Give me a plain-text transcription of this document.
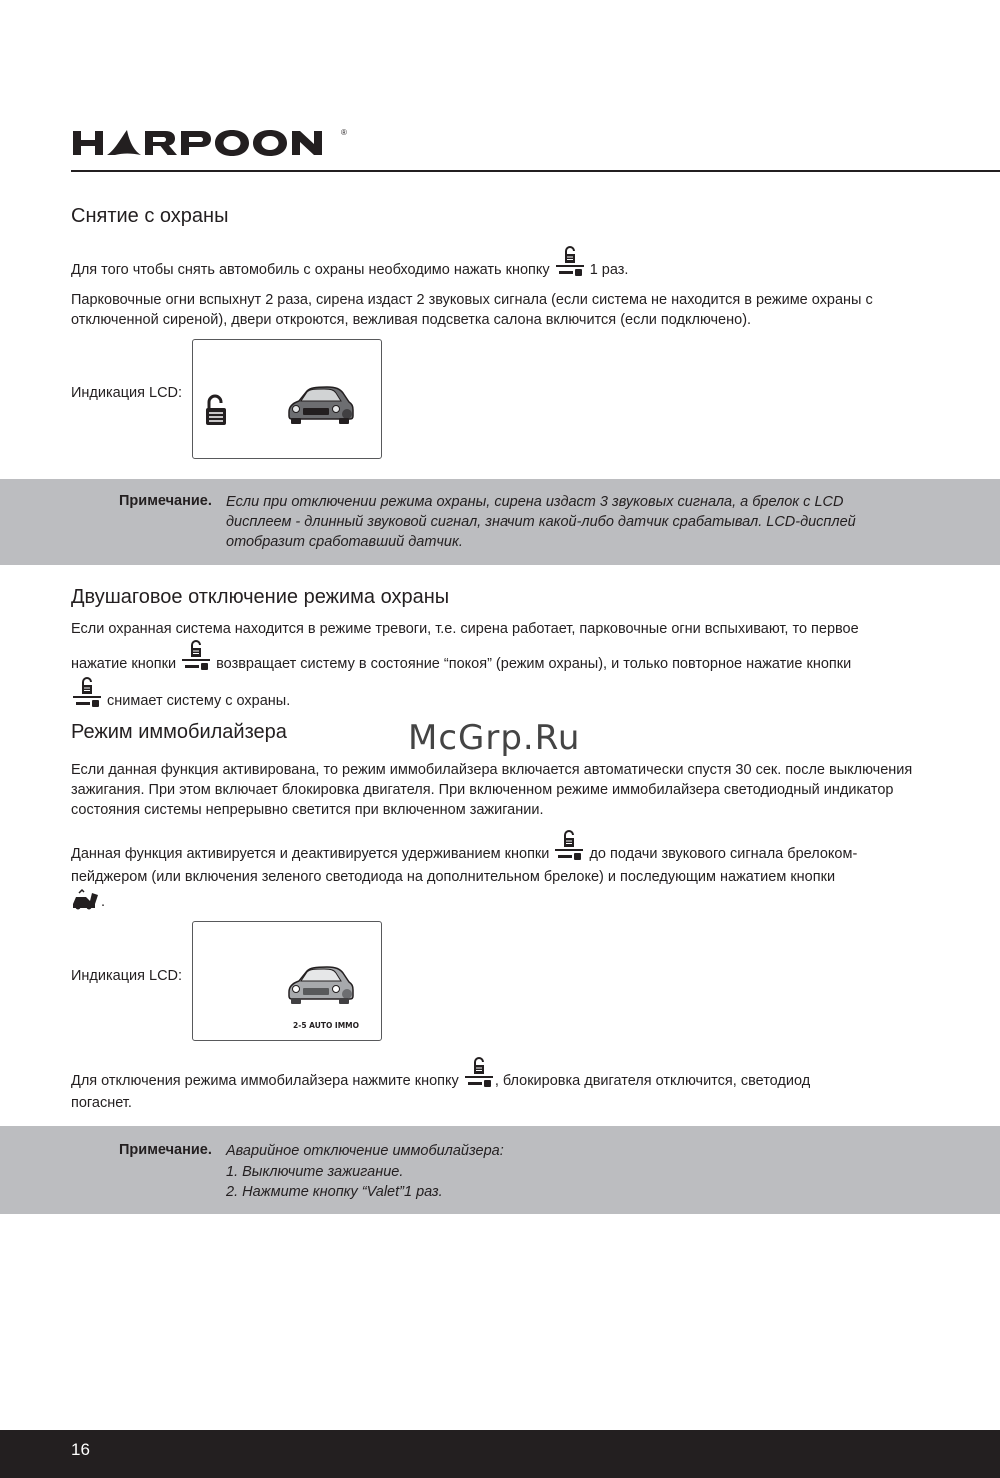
®
Снятие с охраны
Для того чтобы снять автомобиль с охраны необходимо нажать кнопку	1 раз.
Парковочные огни вспыхнут 2 раза, сирена издаст 2 звуковых сигнала (если система не находится в режиме охраны с отключенной сиреной), двери откроются, вежливая подсветка салона включится (если подключено).
Индикация LCD:
Примечание. Если при отключении режима охраны, сирена издаст 3 звуковых сигнала, а брелок с LCD
дисплеем - длинный звуковой сигнал, значит какой-либо датчик срабатывал. LCD-дисплей
отобразит сработавший датчик.
Двушаговое отключение режима охраны
Если охранная система находится в режиме тревоги, т.е. сирена работает, парковочные огни вспыхивают, то первое
нажатие кнопки	возвращает систему в состояние “покоя” (режим охраны), и только повторное нажатие кнопки
снимает систему с охраны.
McGrp.Ru
Режим иммобилайзера
Если данная функция активирована, то режим иммобилайзера включается автоматически спустя 30 сек. после выключения зажигания. При этом включает блокировка двигателя. При включенном режиме иммобилайзера светодиодный индикатор состояния системы непрерывно светится при включенном зажигании.
Данная функция активируется и деактивируется удерживанием кнопки	до подачи звукового сигнала брелоком-
пейджером (или включения зеленого светодиода на дополнительном брелоке) и последующим нажатием кнопки
.
Индикация LCD:
2-5 AUTO IMMO
Для отключения режима иммобилайзера нажмите кнопку , блокировка двигателя отключится, светодиод
погаснет.
Примечание. Аварийное отключение иммобилайзера:
1. Выключите зажигание.
2. Нажмите кнопку “Valet”1 раз.
16
